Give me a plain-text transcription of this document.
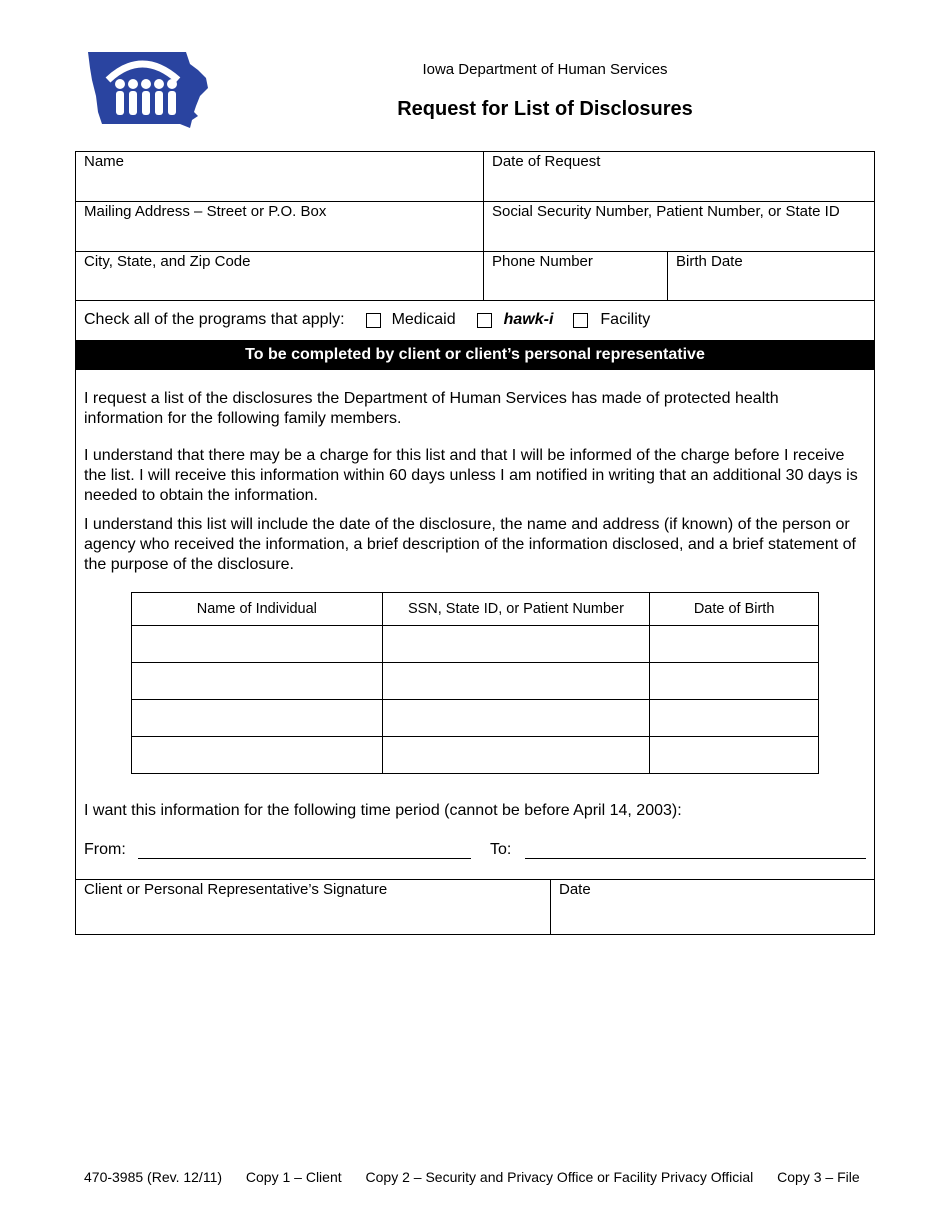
Iowa Department of Human Services
Request for List of Disclosures
Name	Date of Request
Mailing Address – Street or P.O. Box	Social Security Number, Patient Number, or State ID
City, State, and Zip Code	Phone Number	Birth Date
Check all of the programs that apply:	Medicaid	hawk-i	Facility
To be completed by client or client’s personal representative

I request a list of the disclosures the Department of Human Services has made of protected health information for the following family members.

I understand that there may be a charge for this list and that I will be informed of the charge before I receive the list. I will receive this information within 60 days unless I am notified in writing that an additional 30 days is needed to obtain the information.

I understand this list will include the date of the disclosure, the name and address (if known) of the person or agency who received the information, a brief description of the information disclosed, and a brief statement of the purpose of the disclosure.

Name of Individual	SSN, State ID, or Patient Number	Date of Birth

I want this information for the following time period (cannot be before April 14, 2003):
From:	To:
Client or Personal Representative’s Signature	Date
470-3985 (Rev. 12/11) Copy 1 – Client Copy 2 – Security and Privacy Office or Facility Privacy Official Copy 3 – File
